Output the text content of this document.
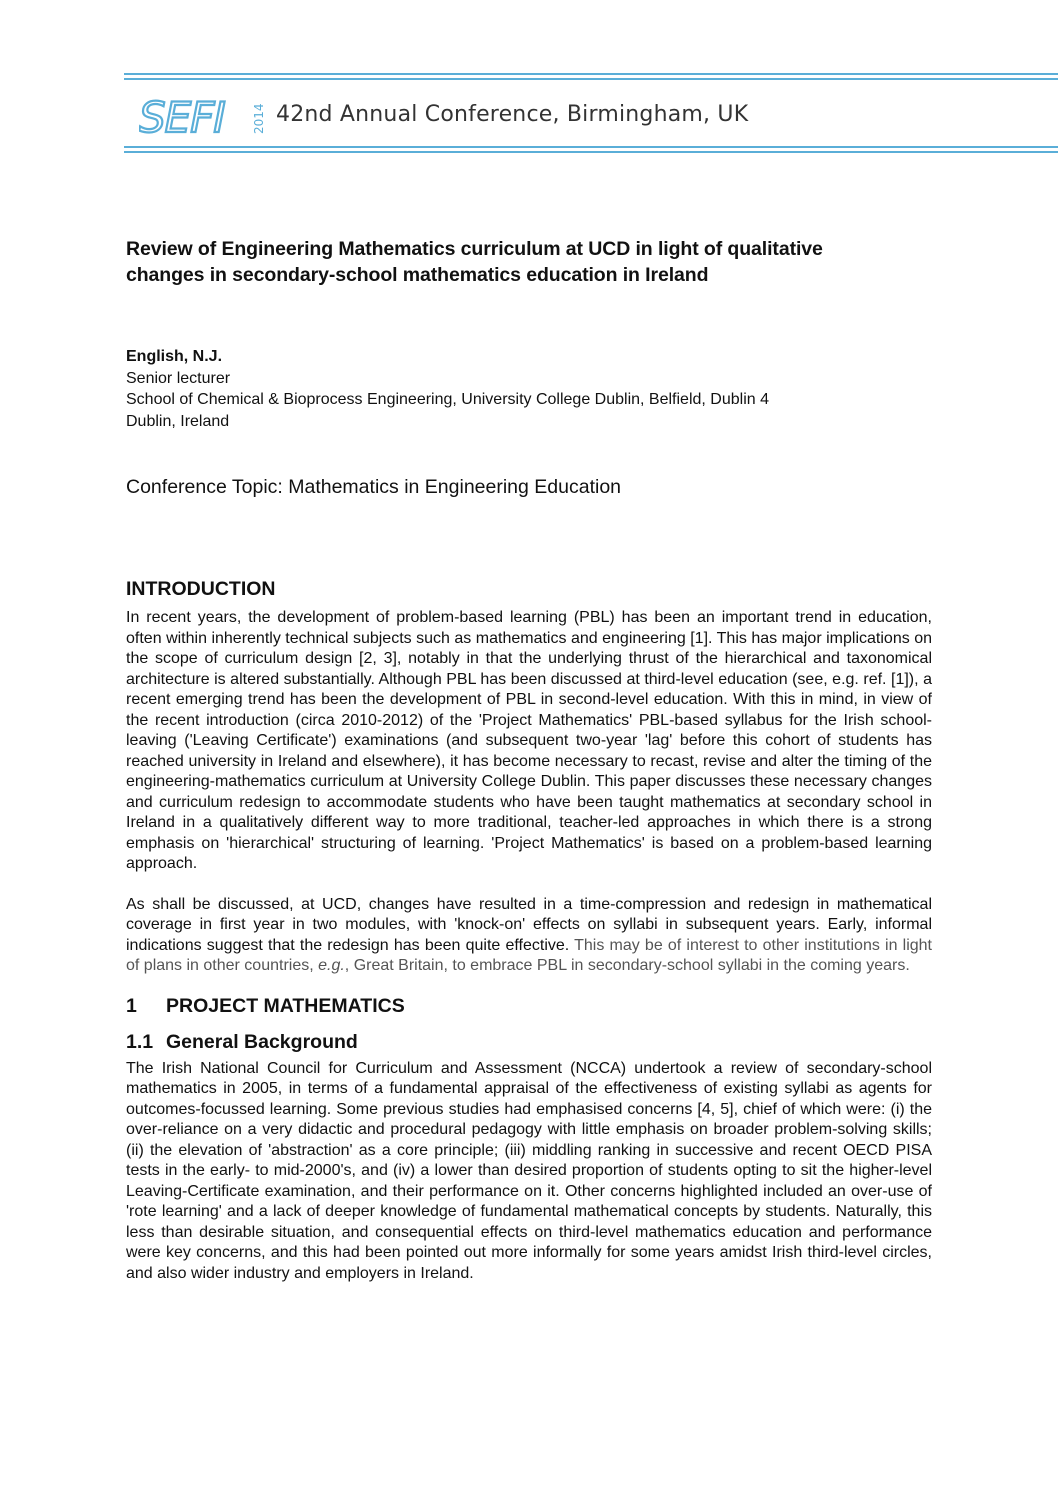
SEFI 2014 42nd Annual Conference, Birmingham, UK
Review of Engineering Mathematics curriculum at UCD in light of qualitative
changes in secondary-school mathematics education in Ireland
English, N.J.
Senior lecturer
School of Chemical & Bioprocess Engineering, University College Dublin, Belfield, Dublin 4
Dublin, Ireland
Conference Topic: Mathematics in Engineering Education
INTRODUCTION

In recent years, the development of problem-based learning (PBL) has been an important trend in education, often within inherently technical subjects such as mathematics and engineering [1]. This has major implications on the scope of curriculum design [2, 3], notably in that the underlying thrust of the hierarchical and taxonomical architecture is altered substantially. Although PBL has been discussed at third-level education (see, e.g. ref. [1]), a recent emerging trend has been the development of PBL in second-level education. With this in mind, in view of the recent introduction (circa 2010-2012) of the 'Project Mathematics' PBL-based syllabus for the Irish school-leaving ('Leaving Certificate') examinations (and subsequent two-year 'lag' before this cohort of students has reached university in Ireland and elsewhere), it has become necessary to recast, revise and alter the timing of the engineering-mathematics curriculum at University College Dublin. This paper discusses these necessary changes and curriculum redesign to accommodate students who have been taught mathematics at secondary school in Ireland in a qualitatively different way to more traditional, teacher-led approaches in which there is a strong emphasis on 'hierarchical' structuring of learning. 'Project Mathematics' is based on a problem-based learning approach.

As shall be discussed, at UCD, changes have resulted in a time-compression and redesign in mathematical coverage in first year in two modules, with 'knock-on' effects on syllabi in subsequent years. Early, informal indications suggest that the redesign has been quite effective. This may be of interest to other institutions in light of plans in other countries, e.g., Great Britain, to embrace PBL in secondary-school syllabi in the coming years.

1 PROJECT MATHEMATICS
1.1 General Background

The Irish National Council for Curriculum and Assessment (NCCA) undertook a review of secondary-school mathematics in 2005, in terms of a fundamental appraisal of the effectiveness of existing syllabi as agents for outcomes-focussed learning. Some previous studies had emphasised concerns [4, 5], chief of which were: (i) the over-reliance on a very didactic and procedural pedagogy with little emphasis on broader problem-solving skills; (ii) the elevation of 'abstraction' as a core principle; (iii) middling ranking in successive and recent OECD PISA tests in the early- to mid-2000's, and (iv) a lower than desired proportion of students opting to sit the higher-level Leaving-Certificate examination, and their performance on it. Other concerns highlighted included an over-use of 'rote learning' and a lack of deeper knowledge of fundamental mathematical concepts by students. Naturally, this less than desirable situation, and consequential effects on third-level mathematics education and performance were key concerns, and this had been pointed out more informally for some years amidst Irish third-level circles, and also wider industry and employers in Ireland.
